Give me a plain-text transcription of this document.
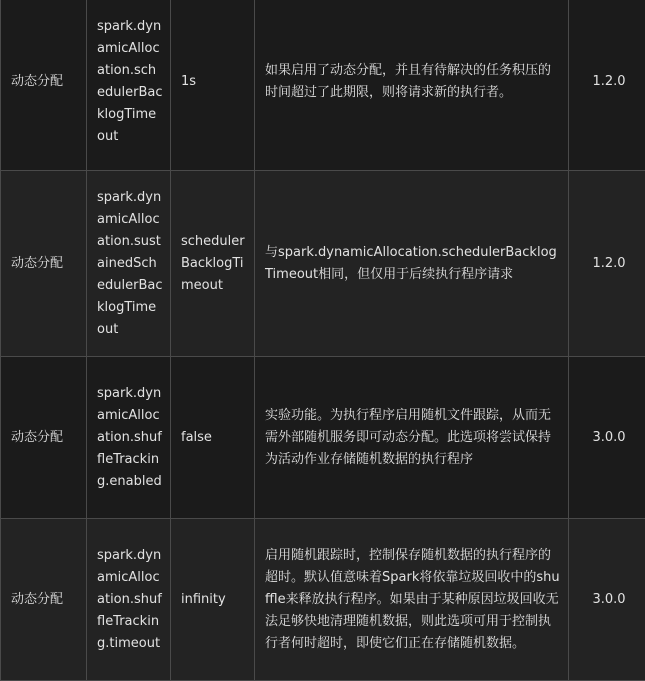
动态分配	spark.dynamicAllocation.schedulerBacklogTimeout	1s	如果启用了动态分配，并且有待解决的任务积压的时间超过了此期限，则将请求新的执行者。	1.2.0
动态分配	spark.dynamicAllocation.sustainedSchedulerBacklogTimeout	schedulerBacklogTimeout	与spark.dynamicAllocation.schedulerBacklogTimeout相同，但仅用于后续执行程序请求	1.2.0
动态分配	spark.dynamicAllocation.shuffleTracking.enabled	false	实验功能。为执行程序启用随机文件跟踪，从而无需外部随机服务即可动态分配。此选项将尝试保持为活动作业存储随机数据的执行程序	3.0.0
动态分配	spark.dynamicAllocation.shuffleTracking.timeout	infinity	启用随机跟踪时，控制保存随机数据的执行程序的超时。默认值意味着Spark将依靠垃圾回收中的shuffle来释放执行程序。如果由于某种原因垃圾回收无法足够快地清理随机数据，则此选项可用于控制执行者何时超时，即使它们正在存储随机数据。	3.0.0
